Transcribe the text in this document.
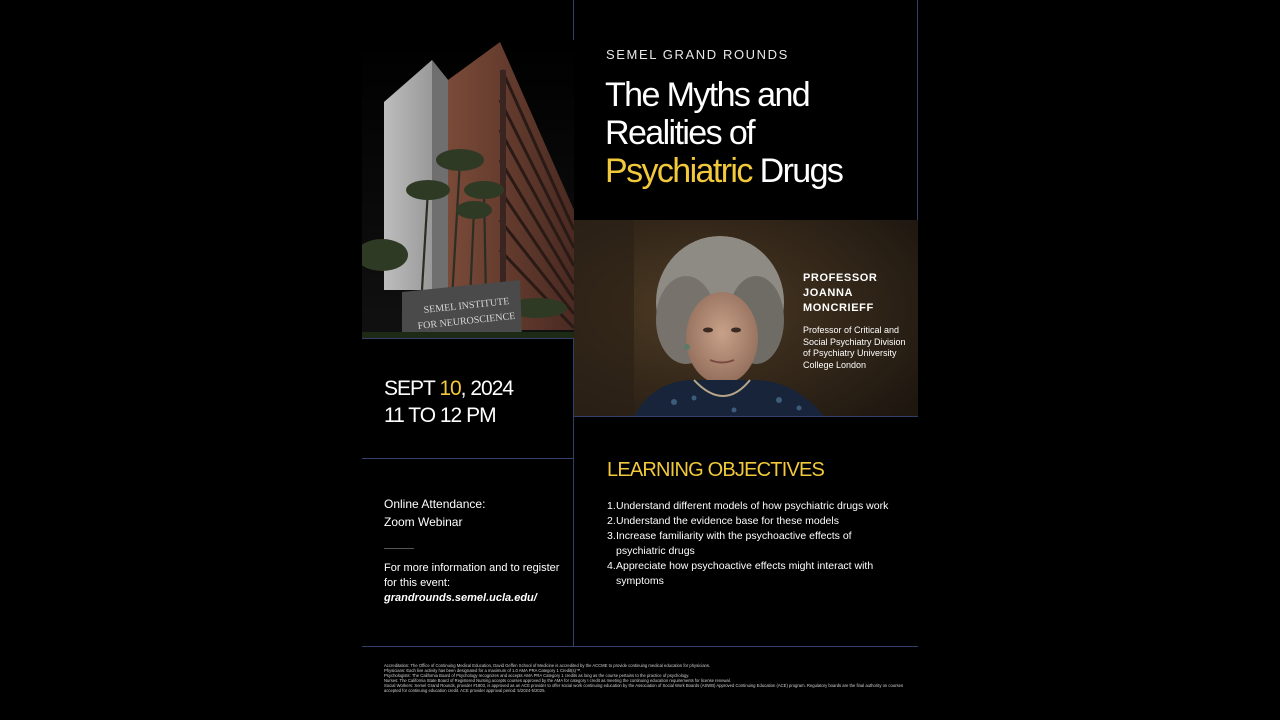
SEMEL INSTITUTE
FOR NEUROSCIENCE
SEMEL GRAND ROUNDS
The Myths and
Realities of
Psychiatric Drugs
PROFESSOR
JOANNA
MONCRIEFF
Professor of Critical and Social Psychiatry Division of Psychiatry University College London
SEPT 10, 2024
11 TO 12 PM
Online Attendance:
Zoom Webinar
For more information and to register for this event:
grandrounds.semel.ucla.edu/
LEARNING OBJECTIVES
1. Understand different models of how psychiatric drugs work
2. Understand the evidence base for these models
3. Increase familiarity with the psychoactive effects of psychiatric drugs
4. Appreciate how psychoactive effects might interact with symptoms

Accreditation: The Office of Continuing Medical Education, David Geffen School of Medicine is accredited by the ACCME to provide continuing medical education for physicians.

Physicians: Each live activity has been designated for a maximum of 1.0 AMA PRA Category 1 Credit(s)™.

Psychologists: The California Board of Psychology recognizes and accepts AMA PRA Category 1 credits as long as the course pertains to the practice of psychology.

Nurses: The California State Board of Registered Nursing accepts courses approved by the AMA for category I credit as meeting the continuing education requirements for license renewal.

Social Workers: Semel Grand Rounds, provider #1803, is approved as an ACE provider to offer social work continuing education by the Association of Social Work Boards (ASWB) Approved Continuing Education (ACE) program. Regulatory boards are the final authority on courses accepted for continuing education credit. ACE provider approval period: 5/2024-5/2025.
